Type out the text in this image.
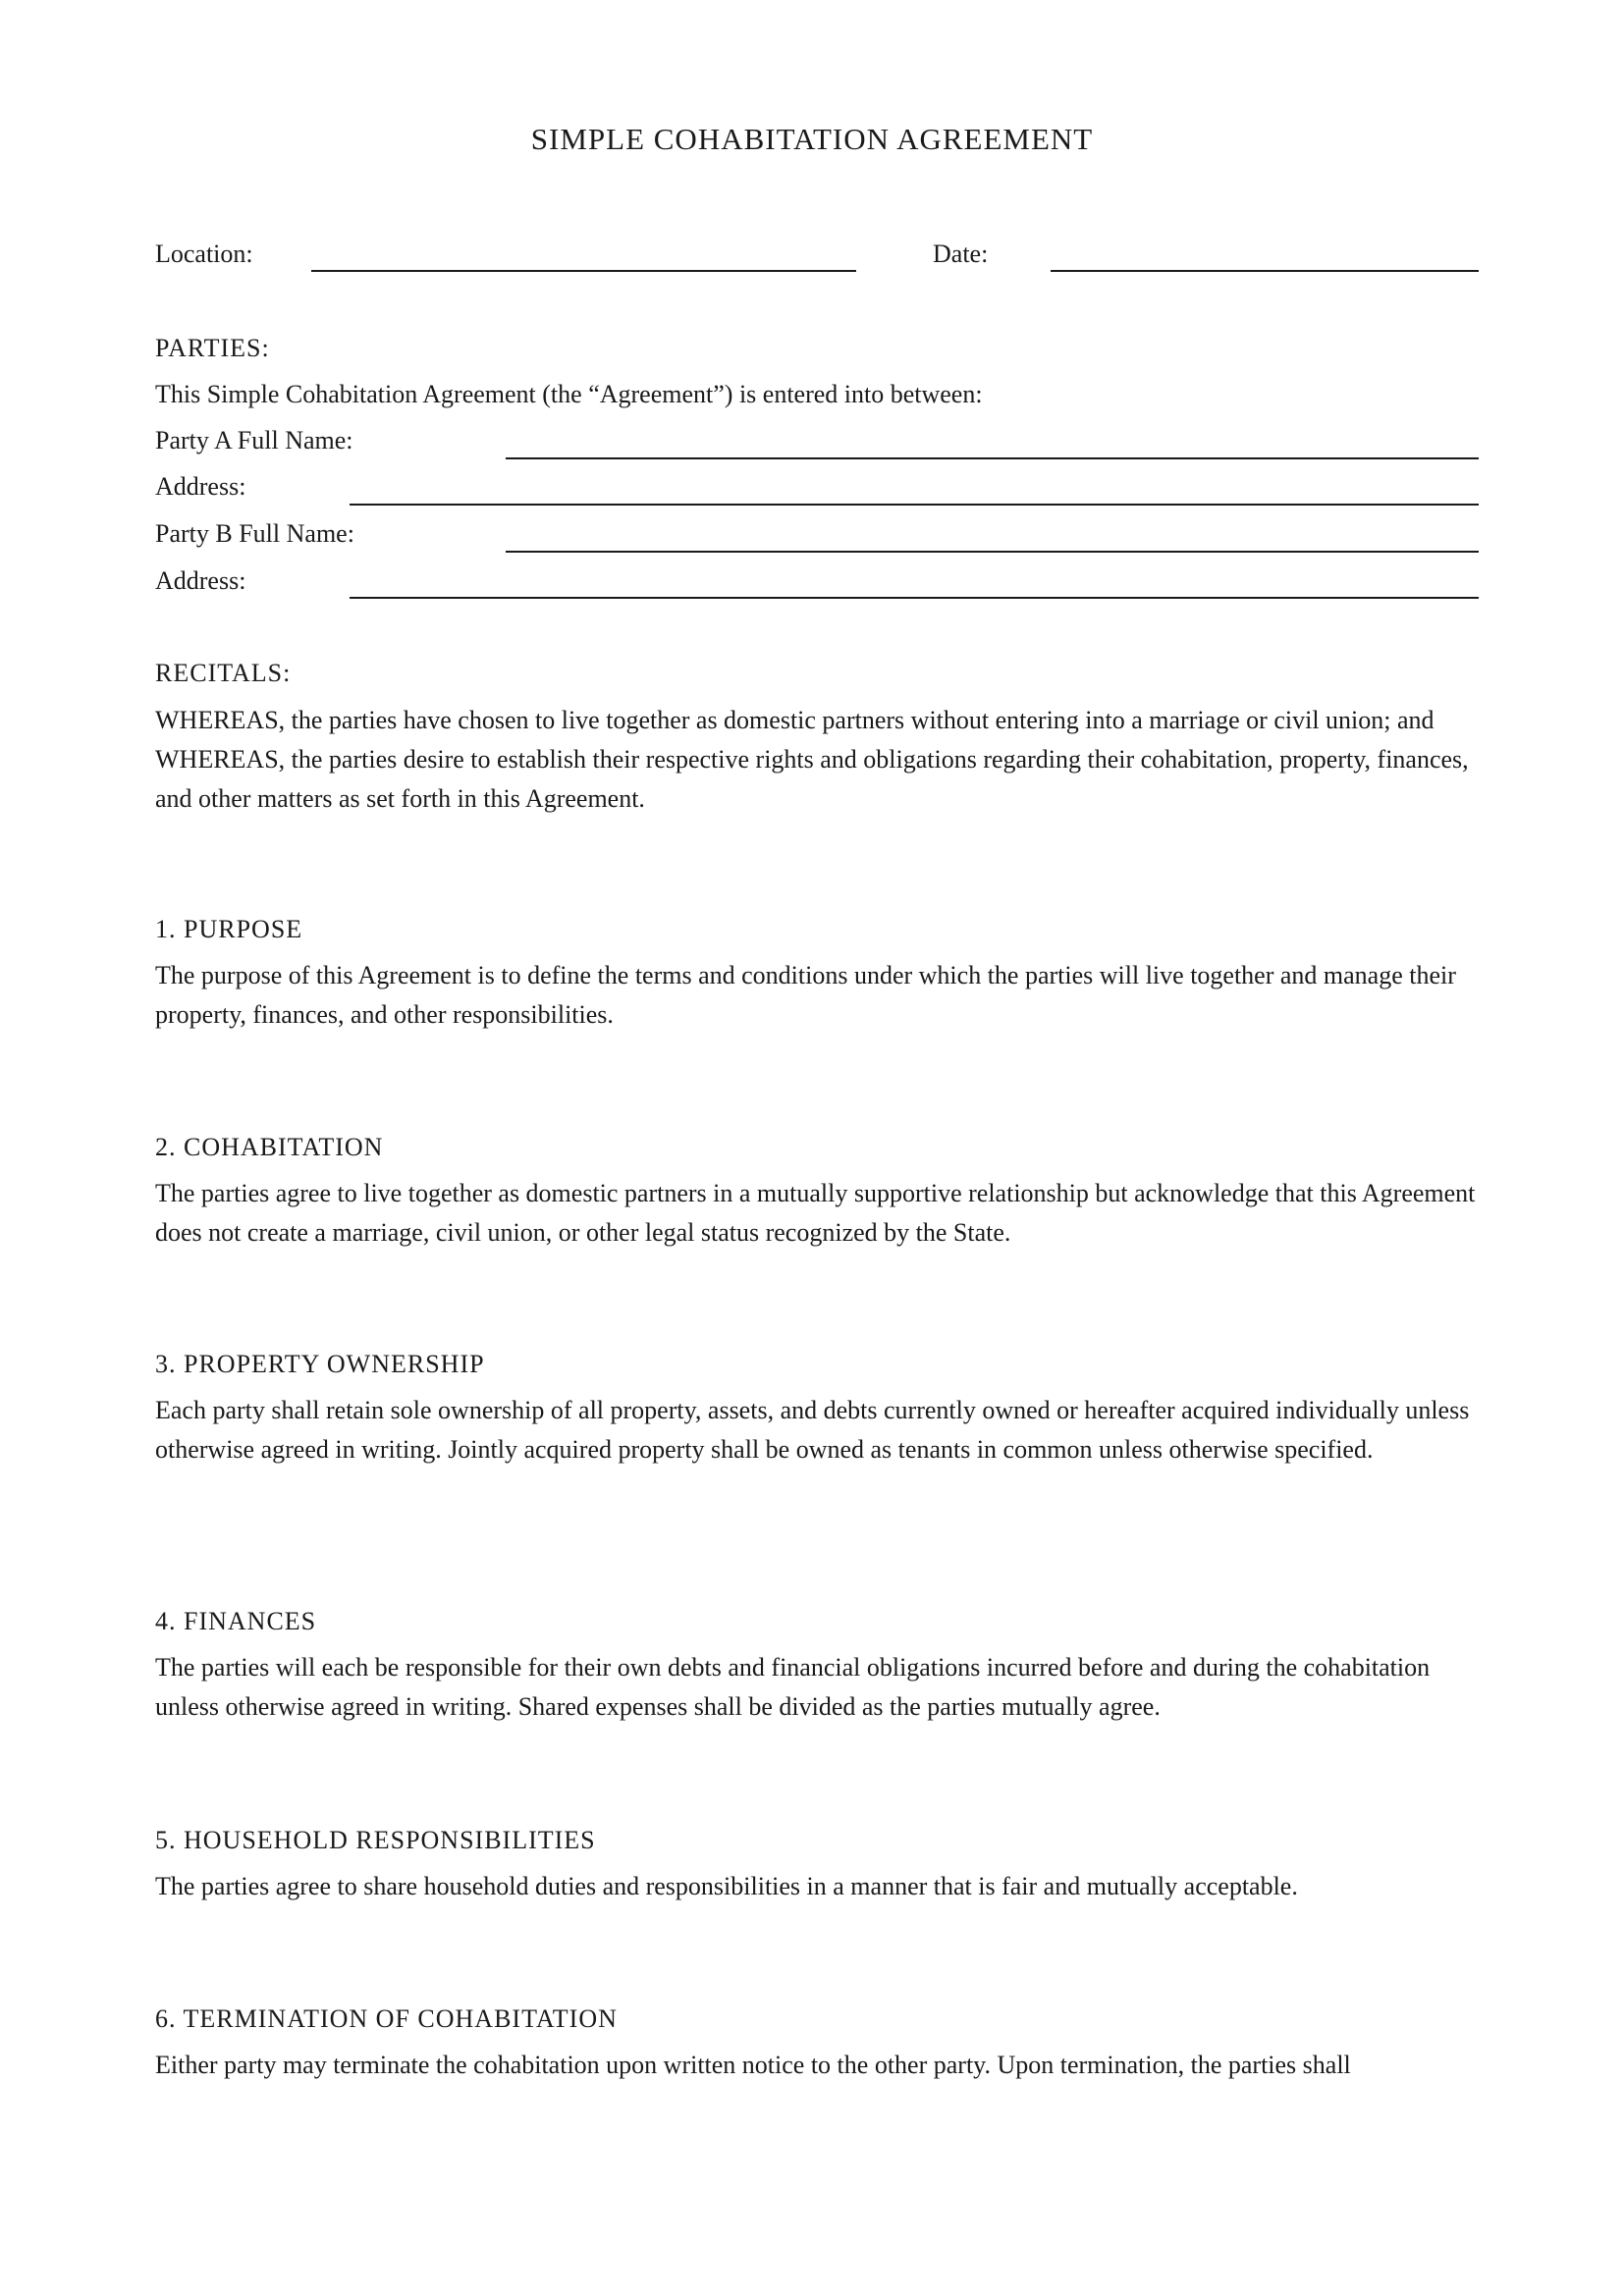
SIMPLE COHABITATION AGREEMENT
Location:	Date:
PARTIES:
This Simple Cohabitation Agreement (the “Agreement”) is entered into between:
Party A Full Name:
Address:
Party B Full Name:
Address:
RECITALS:
WHEREAS, the parties have chosen to live together as domestic partners without entering into a marriage or civil union; and WHEREAS, the parties desire to establish their respective rights and obligations regarding their cohabitation, property, finances, and other matters as set forth in this Agreement.
1. PURPOSE
The purpose of this Agreement is to define the terms and conditions under which the parties will live together and manage their property, finances, and other responsibilities.
2. COHABITATION
The parties agree to live together as domestic partners in a mutually supportive relationship but acknowledge that this Agreement does not create a marriage, civil union, or other legal status recognized by the State.
3. PROPERTY OWNERSHIP
Each party shall retain sole ownership of all property, assets, and debts currently owned or hereafter acquired individually unless otherwise agreed in writing. Jointly acquired property shall be owned as tenants in common unless otherwise specified.
4. FINANCES
The parties will each be responsible for their own debts and financial obligations incurred before and during the cohabitation unless otherwise agreed in writing. Shared expenses shall be divided as the parties mutually agree.
5. HOUSEHOLD RESPONSIBILITIES
The parties agree to share household duties and responsibilities in a manner that is fair and mutually acceptable.
6. TERMINATION OF COHABITATION
Either party may terminate the cohabitation upon written notice to the other party. Upon termination, the parties shall
